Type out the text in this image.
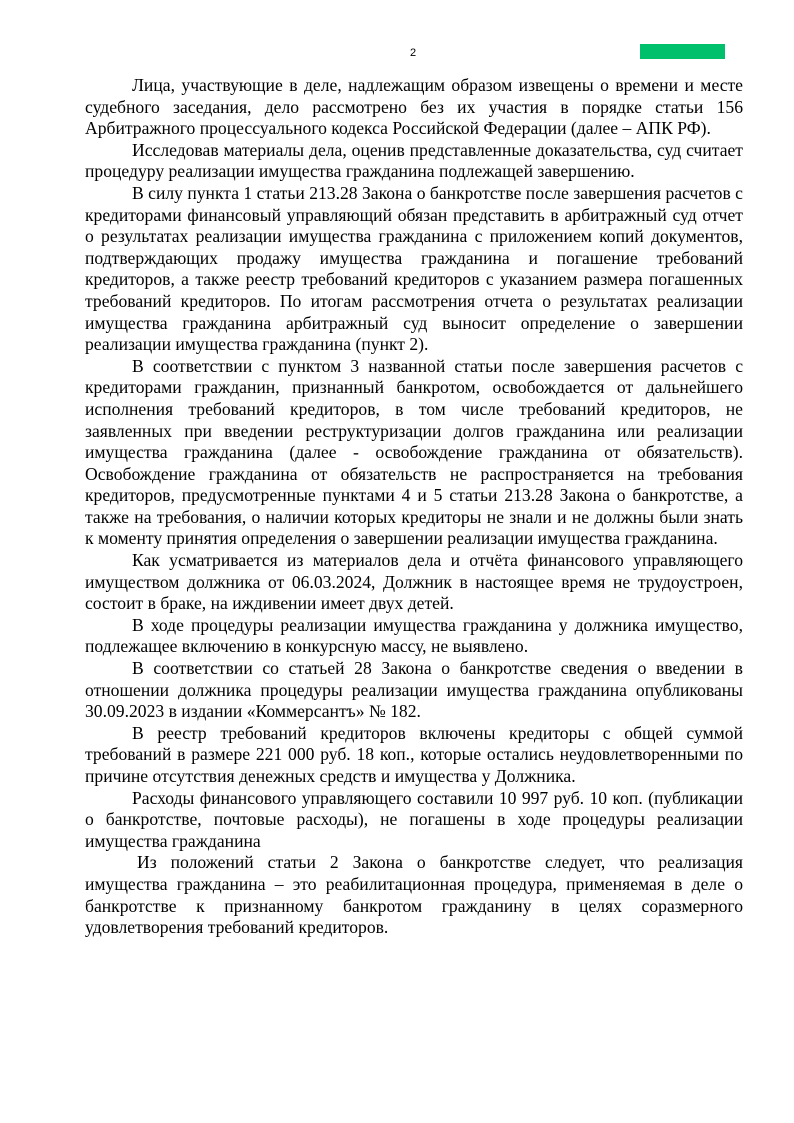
2

Лица, участвующие в деле, надлежащим образом извещены о времени и месте судебного заседания, дело рассмотрено без их участия в порядке статьи 156 Арбитражного процессуального кодекса Российской Федерации (далее – АПК РФ).

Исследовав материалы дела, оценив представленные доказательства, суд считает процедуру реализации имущества гражданина подлежащей завершению.

В силу пункта 1 статьи 213.28 Закона о банкротстве после завершения расчетов с кредиторами финансовый управляющий обязан представить в арбитражный суд отчет о результатах реализации имущества гражданина с приложением копий документов, подтверждающих продажу имущества гражданина и погашение требований кредиторов, а также реестр требований кредиторов с указанием размера погашенных требований кредиторов. По итогам рассмотрения отчета о результатах реализации имущества гражданина арбитражный суд выносит определение о завершении реализации имущества гражданина (пункт 2).

В соответствии с пунктом 3 названной статьи после завершения расчетов с кредиторами гражданин, признанный банкротом, освобождается от дальнейшего исполнения требований кредиторов, в том числе требований кредиторов, не заявленных при введении реструктуризации долгов гражданина или реализации имущества гражданина (далее - освобождение гражданина от обязательств). Освобождение гражданина от обязательств не распространяется на требования кредиторов, предусмотренные пунктами 4 и 5 статьи 213.28 Закона о банкротстве, а также на требования, о наличии которых кредиторы не знали и не должны были знать к моменту принятия определения о завершении реализации имущества гражданина.

Как усматривается из материалов дела и отчёта финансового управляющего имуществом должника от 06.03.2024, Должник в настоящее время не трудоустроен, состоит в браке, на иждивении имеет двух детей.

В ходе процедуры реализации имущества гражданина у должника имущество, подлежащее включению в конкурсную массу, не выявлено.

В соответствии со статьей 28 Закона о банкротстве сведения о введении в отношении должника процедуры реализации имущества гражданина опубликованы 30.09.2023 в издании «Коммерсантъ» № 182.

В реестр требований кредиторов включены кредиторы с общей суммой требований в размере 221 000 руб. 18 коп., которые остались неудовлетворенными по причине отсутствия денежных средств и имущества у Должника.

Расходы финансового управляющего составили 10 997 руб. 10 коп. (публикации о банкротстве, почтовые расходы), не погашены в ходе процедуры реализации имущества гражданина

Из положений статьи 2 Закона о банкротстве следует, что реализация имущества гражданина – это реабилитационная процедура, применяемая в деле о банкротстве к признанному банкротом гражданину в целях соразмерного удовлетворения требований кредиторов.
